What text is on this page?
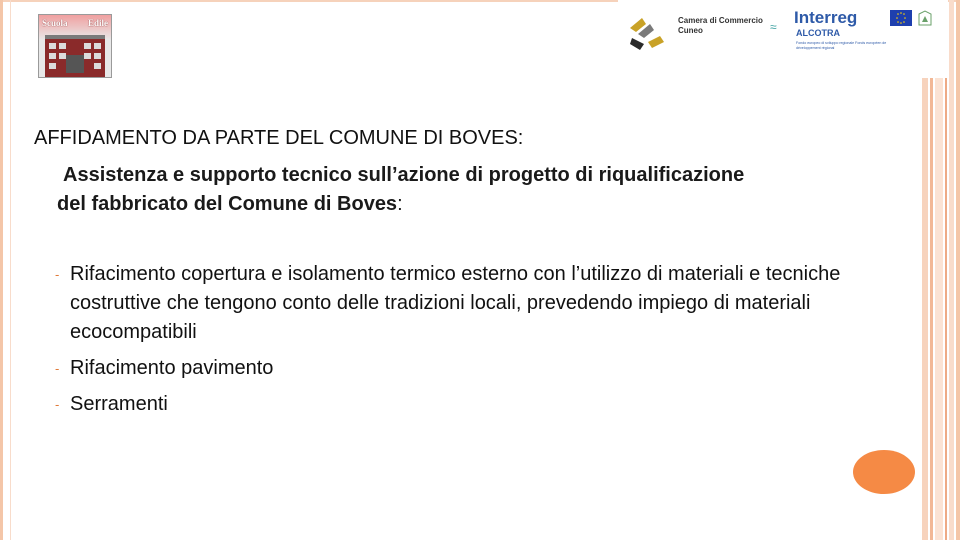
Scuola Edile	Camera di Commercio
Cuneo	≈ Interreg
ALCOTRA
Fondo europeo di sviluppo regionale Fonds européen de développement régional
AFFIDAMENTO DA PARTE DEL COMUNE DI BOVES:
Assistenza e supporto tecnico sull’azione di progetto di riqualificazione
del fabbricato del Comune di Boves:
- Rifacimento copertura e isolamento termico esterno con l’utilizzo di materiali e tecniche costruttive che tengono conto delle tradizioni locali, prevedendo impiego di materiali ecocompatibili
- Rifacimento pavimento
- Serramenti
